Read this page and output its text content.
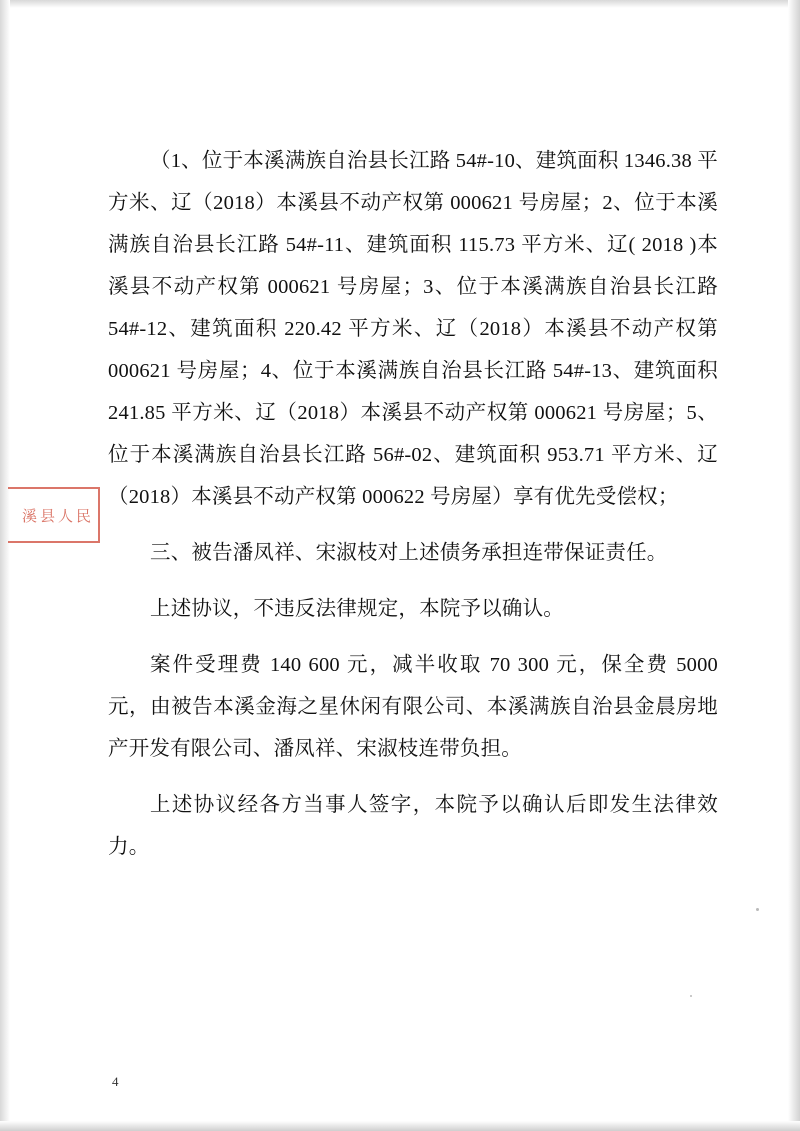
溪县人民

（1、位于本溪满族自治县长江路 54#-10、建筑面积 1346.38 平方米、辽（2018）本溪县不动产权第 000621 号房屋；2、位于本溪满族自治县长江路 54#-11、建筑面积 115.73 平方米、辽( 2018 )本溪县不动产权第 000621 号房屋；3、位于本溪满族自治县长江路 54#-12、建筑面积 220.42 平方米、辽（2018）本溪县不动产权第 000621 号房屋；4、位于本溪满族自治县长江路 54#-13、建筑面积 241.85 平方米、辽（2018）本溪县不动产权第 000621 号房屋；5、位于本溪满族自治县长江路 56#-02、建筑面积 953.71 平方米、辽（2018）本溪县不动产权第 000622 号房屋）享有优先受偿权；

三、被告潘凤祥、宋淑枝对上述债务承担连带保证责任。

上述协议，不违反法律规定，本院予以确认。

案件受理费 140 600 元，减半收取 70 300 元，保全费 5000 元，由被告本溪金海之星休闲有限公司、本溪满族自治县金晨房地产开发有限公司、潘凤祥、宋淑枝连带负担。

上述协议经各方当事人签字，本院予以确认后即发生法律效力。

4
